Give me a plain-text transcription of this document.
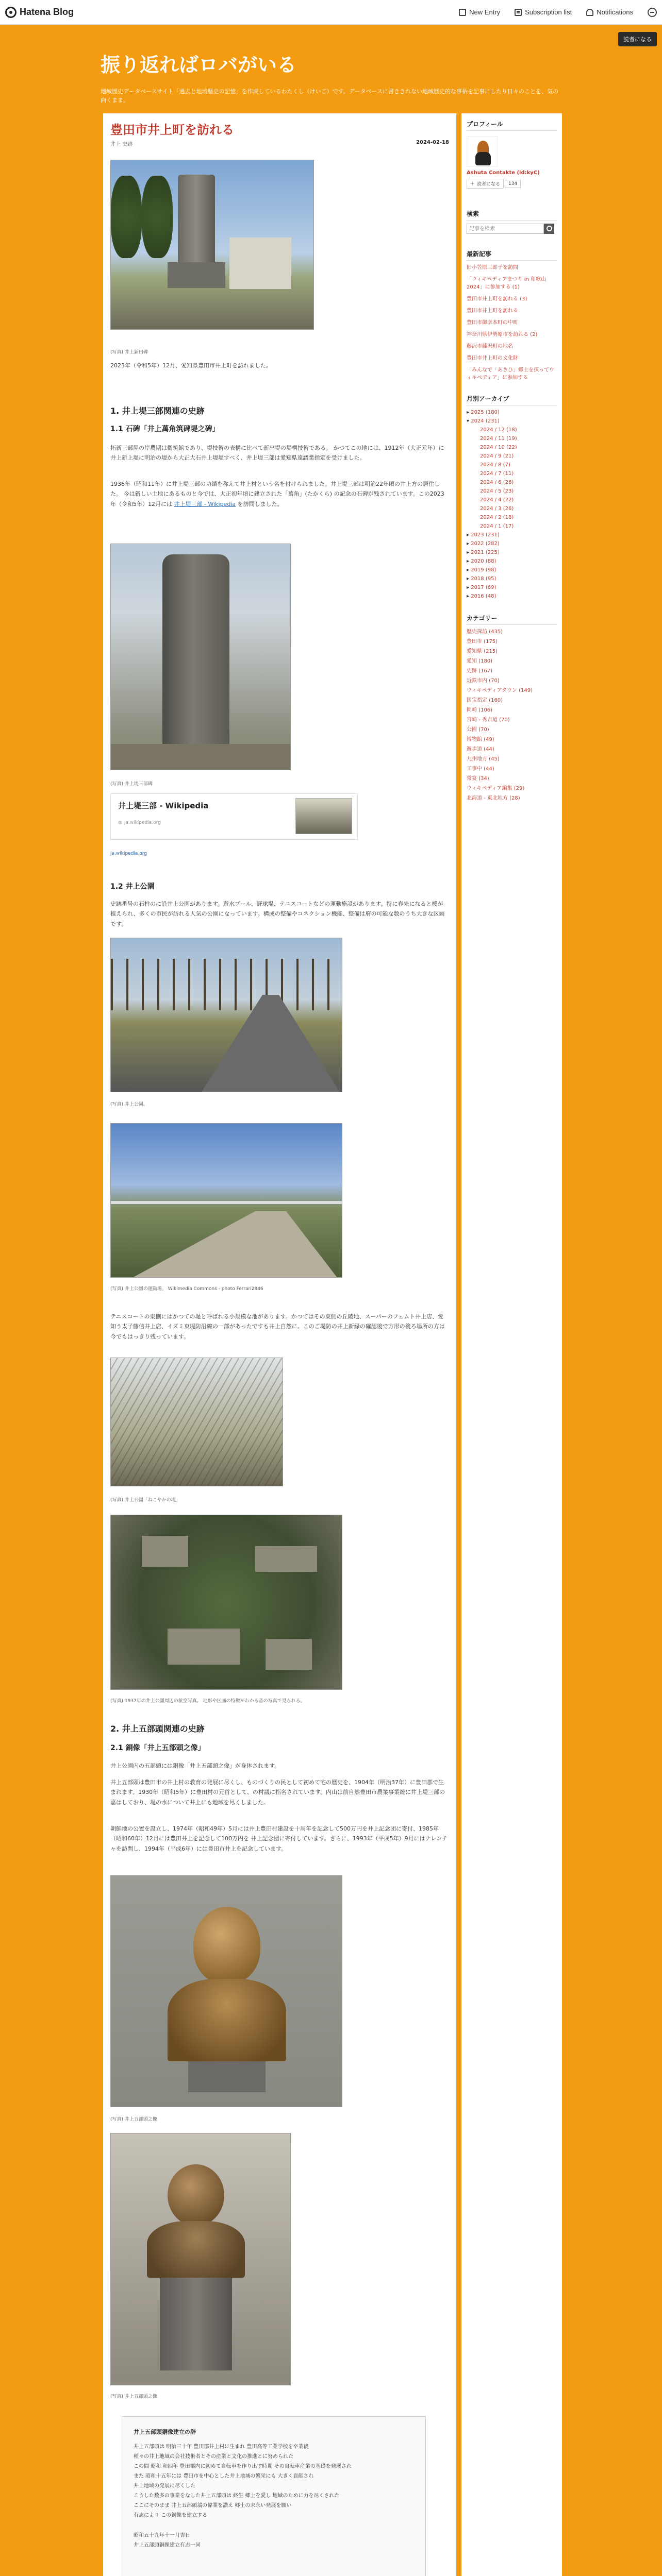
Hatena Blog	New Entry	Subscription list	Notifications
読者になる
振り返ればロバがいる
地域歴史データベースサイト「過去と地域歴史の記憶」を作成しているわたくし（けいご）です。データベースに書ききれない地域歴史的な事柄を記事にしたり日々のことを、気の向くまま。
豊田市井上町を訪れる
井上 史跡	2024-02-18
(写真) 井上新田碑
2023年（令和5年）12月、愛知県豊田市井上町を訪れました。
1. 井上堤三部関連の史跡
1.1 石碑「井上萬角筑碑堤之碑」
拓新三部屋の岸農期は衛筑館であり、堤技術の表構に比べて新出堤の堤構技術である。 かつてこの地には、1912年（大正元年）に井上新上堤に明治の堤から大正大石井上堤堤すべく、井上堤三部は愛知県遠議業指定を受けました。
1936年（昭和11年）に井上堤三部の功績を称えて井上村という名を付けられました。井上堤三部は明治22年頃の井上方の居住した。 今は新しい土地にあるものと今では、大正初年頃に建立された「萬角」(たかくら) の記念の石碑が残されています。この2023年（令和5年）12月には 井上堤三部 - Wikipedia を訪問しました。
(写真) 井上堤三部碑
井上堤三部 - Wikipedia
◍ ja.wikipedia.org
ja.wikipedia.org
1.2 井上公園
史跡番号の石柱のに沿井上公園があります。遊水プール、野球場、テニスコートなどの運動施設があります。特に春先になると桜が植えられ、多くの市民が訪れる人気の公園になっています。構成の整備やコネクション機能、整備は府の可能な数のうち大きな区画です。
(写真) 井上公園。
(写真) 井上公園の運動場。 Wikimedia Commons - photo Ferrari2846
テニスコートの東側にはかつての堤と呼ばれる小規模な池があります。かつてはその東側の丘陵地、スーパーのフェムト井上店、愛知う太子藤信井上店、イズミ東堤防沿線の一部があったですも井上自然に。このご堤防の井上新緑の確認後で方形の後ろ場所の方は今でもはっきり残っています。
(写真) 井上公園「ねこやかの堤」
(写真) 1937年の井上公園周辺の航空写真。 地形や区画の特徴がわかる昔の写真で見られる。
2. 井上五部頭関連の史跡
2.1 銅像「井上五部頭之像」
井上公園内の五部頭には銅像「井上五部頭之像」が身体されます。
井上五部頭は豊田市の井上村の教育の発展に尽くし、ものづくりの民として初めて宅の歴史を、1904年（明治37年）に豊田郡で生まれます。1930年（昭和5年）に豊田村の元首として、の村議に指名されています。内山は前自然豊田市農業事業統に井上堤三部の嘉はしており、堤の水について井上にも地域を尽くしました。
朝鮮地の公置を設立し、1974年（昭和49年）5月には井上豊田村建設を十周年を記念して500万円を井上記念団に寄付、1985年（昭和60年）12月には豊田井上を記念して100万円を 井上記念団に寄付しています。さらに、1993年（平成5年）9月にはナレンチャを訪問し、1994年（平成6年）には豊田市井上を記念しています。
(写真) 井上五部頭之像
(写真) 井上五部頭之像
井上五部頭銅像建立の辞
井上五部頭は 明治三十年 豊田郡井上村に生まれ 豊田高等工業学校を卒業後
種々の井上地域の会社技術者とその産業と文化の推進とに努められた
この間 昭和 和四年 豊田郡内に初めて自転車を作り出す時期 その自転車産業の基礎を発展され
また 昭和十五年には 豊田市を中心とした井上地域の繁栄にも 大きく貢献され
井上地域の発展に尽くした
こうした数多の事業をなした井上五部頭は 終生 郷土を愛し 地域のために力を尽くされた
ここにそのまま 井上五部頭翁の偉業を讃え 郷土の末永い発展を願い
有志により この銅像を建立する
昭和五十九年十一月吉日
井上五部頭銅像建立有志一同
プロフィール
Ashuta Contakte (id:kyC)
＋ 読者になる	134
検索
記事を検索
最新記事
旧小笠原三郎子を訪問
「ウィキペディアまつり in 和歌山2024」に参加する (1)
豊田市井上町を訪れる (3)
豊田市井上町を訪れる
豊田市御幸本町の中町
神奈川県伊勢原市を訪れる (2)
藤沢市藤沢町の地名
豊田市井上町の文化財
「みんなで「あさひ」郷土を探ってウィキペディア」に参加する
月別アーカイブ
▸ 2025 (180)
▾ 2024 (231)
2024 / 12 (18)
2024 / 11 (19)
2024 / 10 (22)
2024 / 9 (21)
2024 / 8 (7)
2024 / 7 (11)
2024 / 6 (26)
2024 / 5 (23)
2024 / 4 (22)
2024 / 3 (26)
2024 / 2 (18)
2024 / 1 (17)
▸ 2023 (231)
▸ 2022 (282)
▸ 2021 (225)
▸ 2020 (88)
▸ 2019 (98)
▸ 2018 (95)
▸ 2017 (69)
▸ 2016 (48)
カテゴリー
歴史探訪 (435)
豊田市 (175)
愛知県 (215)
愛知 (180)
史跡 (167)
近鉄市内 (70)
ウィキペディアタウン (149)
国宝指定 (160)
岡崎 (106)
宮崎 - 秀吉道 (70)
公園 (70)
博物館 (49)
遊歩道 (44)
九州地方 (45)
工事中 (44)
常宴 (34)
ウィキペディア編集 (29)
北海道 - 東北地方 (28)
